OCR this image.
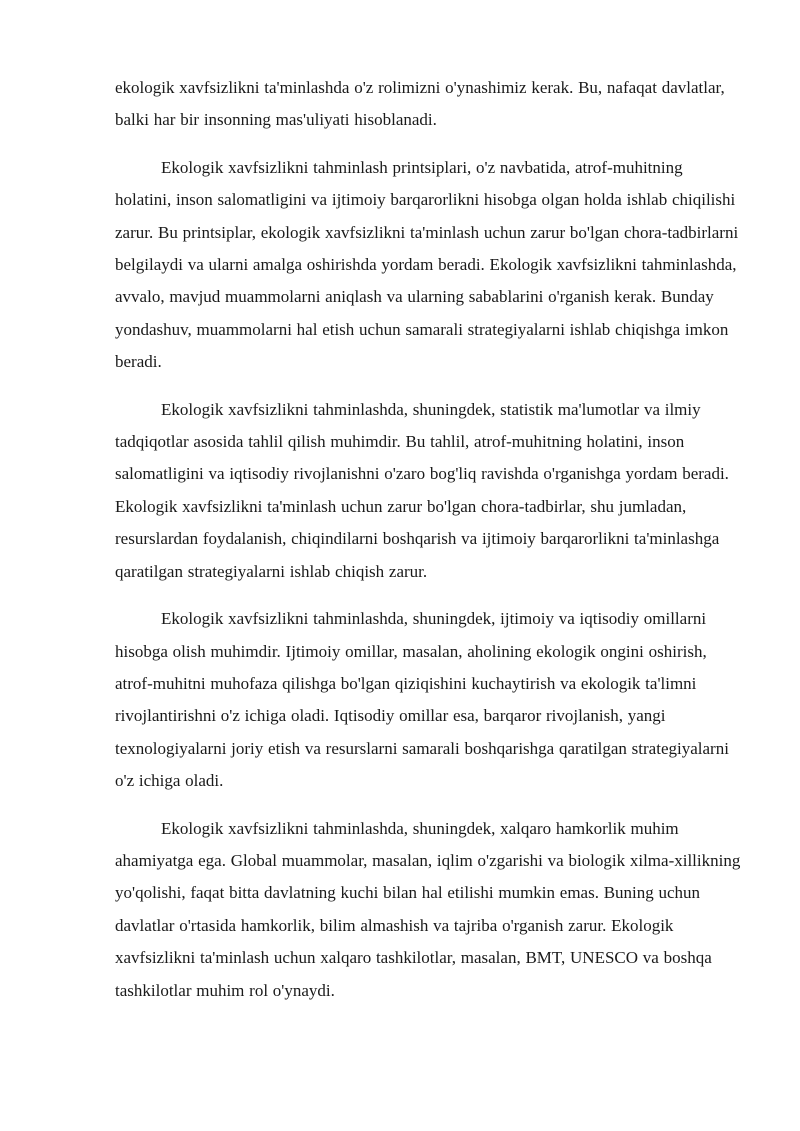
ekologik xavfsizlikni ta'minlashda o'z rolimizni o'ynashimiz kerak. Bu, nafaqat davlatlar, balki har bir insonning mas'uliyati hisoblanadi.

Ekologik xavfsizlikni tahminlash printsiplari, o'z navbatida, atrof-muhitning holatini, inson salomatligini va ijtimoiy barqarorlikni hisobga olgan holda ishlab chiqilishi zarur. Bu printsiplar, ekologik xavfsizlikni ta'minlash uchun zarur bo'lgan chora-tadbirlarni belgilaydi va ularni amalga oshirishda yordam beradi. Ekologik xavfsizlikni tahminlashda, avvalo, mavjud muammolarni aniqlash va ularning sabablarini o'rganish kerak. Bunday yondashuv, muammolarni hal etish uchun samarali strategiyalarni ishlab chiqishga imkon beradi.

Ekologik xavfsizlikni tahminlashda, shuningdek, statistik ma'lumotlar va ilmiy tadqiqotlar asosida tahlil qilish muhimdir. Bu tahlil, atrof-muhitning holatini, inson salomatligini va iqtisodiy rivojlanishni o'zaro bog'liq ravishda o'rganishga yordam beradi. Ekologik xavfsizlikni ta'minlash uchun zarur bo'lgan chora-tadbirlar, shu jumladan, resurslardan foydalanish, chiqindilarni boshqarish va ijtimoiy barqarorlikni ta'minlashga qaratilgan strategiyalarni ishlab chiqish zarur.

Ekologik xavfsizlikni tahminlashda, shuningdek, ijtimoiy va iqtisodiy omillarni hisobga olish muhimdir. Ijtimoiy omillar, masalan, aholining ekologik ongini oshirish, atrof-muhitni muhofaza qilishga bo'lgan qiziqishini kuchaytirish va ekologik ta'limni rivojlantirishni o'z ichiga oladi. Iqtisodiy omillar esa, barqaror rivojlanish, yangi texnologiyalarni joriy etish va resurslarni samarali boshqarishga qaratilgan strategiyalarni o'z ichiga oladi.

Ekologik xavfsizlikni tahminlashda, shuningdek, xalqaro hamkorlik muhim ahamiyatga ega. Global muammolar, masalan, iqlim o'zgarishi va biologik xilma-xillikning yo'qolishi, faqat bitta davlatning kuchi bilan hal etilishi mumkin emas. Buning uchun davlatlar o'rtasida hamkorlik, bilim almashish va tajriba o'rganish zarur. Ekologik xavfsizlikni ta'minlash uchun xalqaro tashkilotlar, masalan, BMT, UNESCO va boshqa tashkilotlar muhim rol o'ynaydi.
